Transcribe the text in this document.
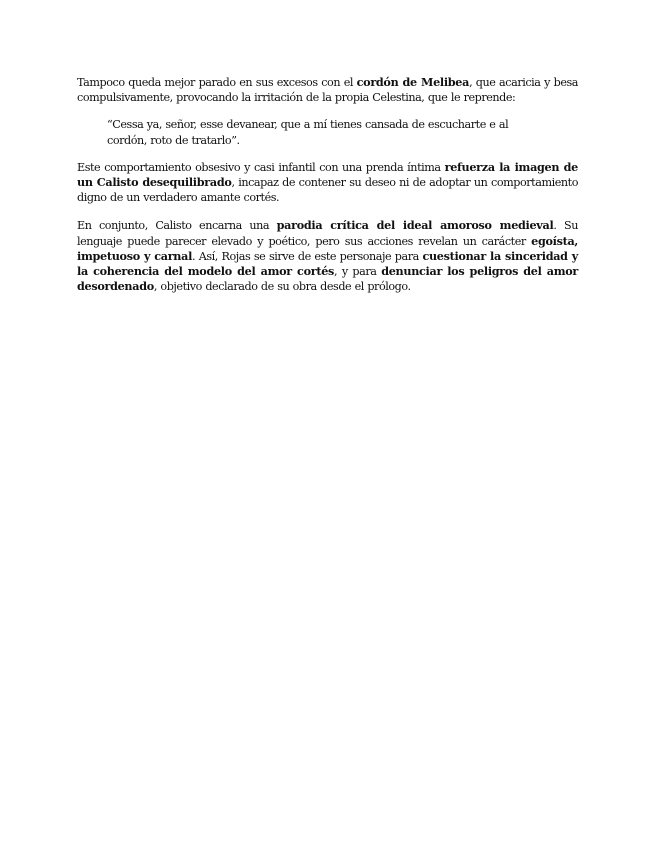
Tampoco queda mejor parado en sus excesos con el cordón de Melibea, que acaricia y besa compulsivamente, provocando la irritación de la propia Celestina, que le reprende:

“Cessa ya, señor, esse devanear, que a mí tienes cansada de escucharte e al cordón, roto de tratarlo”.

Este comportamiento obsesivo y casi infantil con una prenda íntima refuerza la imagen de un Calisto desequilibrado, incapaz de contener su deseo ni de adoptar un comportamiento digno de un verdadero amante cortés.

En conjunto, Calisto encarna una parodia crítica del ideal amoroso medieval. Su lenguaje puede parecer elevado y poético, pero sus acciones revelan un carácter egoísta, impetuoso y carnal. Así, Rojas se sirve de este personaje para cuestionar la sinceridad y la coherencia del modelo del amor cortés, y para denunciar los peligros del amor desordenado, objetivo declarado de su obra desde el prólogo.
